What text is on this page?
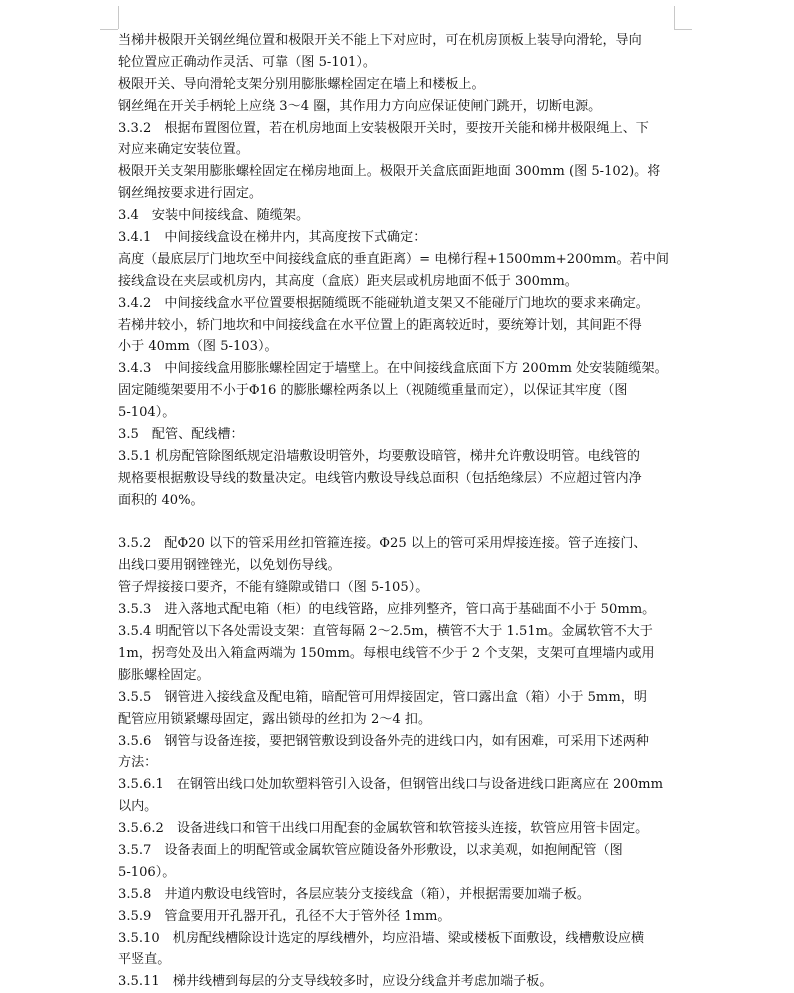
当梯井极限开关钢丝绳位置和极限开关不能上下对应时，可在机房顶板上装导向滑轮，导向
轮位置应正确动作灵活、可靠（图 5-101）。
极限开关、导向滑轮支架分别用膨胀螺栓固定在墙上和楼板上。
钢丝绳在开关手柄轮上应绕 3～4 圈，其作用力方向应保证使闸门跳开，切断电源。
3.3.2　根据布置图位置，若在机房地面上安装极限开关时，要按开关能和梯井极限绳上、下
对应来确定安装位置。
极限开关支架用膨胀螺栓固定在梯房地面上。极限开关盒底面距地面 300mm (图 5-102)。将
钢丝绳按要求进行固定。
3.4　安装中间接线盒、随缆架。
3.4.1　中间接线盒设在梯井内，其高度按下式确定：
高度（最底层厅门地坎至中间接线盒底的垂直距离）= 电梯行程+1500mm+200mm。若中间
接线盒设在夹层或机房内，其高度（盒底）距夹层或机房地面不低于 300mm。
3.4.2　中间接线盒水平位置要根据随缆既不能碰轨道支架又不能碰厅门地坎的要求来确定。
若梯井较小，轿门地坎和中间接线盒在水平位置上的距离较近时，要统筹计划，其间距不得
小于 40mm（图 5-103）。
3.4.3　中间接线盒用膨胀螺栓固定于墙壁上。在中间接线盒底面下方 200mm 处安装随缆架。
固定随缆架要用不小于Φ16 的膨胀螺栓两条以上（视随缆重量而定），以保证其牢度（图
5-104）。
3.5　配管、配线槽：
3.5.1 机房配管除图纸规定沿墙敷设明管外，均要敷设暗管，梯井允许敷设明管。电线管的
规格要根据敷设导线的数量决定。电线管内敷设导线总面积（包括绝缘层）不应超过管内净
面积的 40%。
3.5.2　配Φ20 以下的管采用丝扣管箍连接。Φ25 以上的管可采用焊接连接。管子连接门、
出线口要用钢锉锉光，以免划伤导线。
管子焊接接口要齐，不能有缝隙或错口（图 5-105）。
3.5.3　进入落地式配电箱（柜）的电线管路，应排列整齐，管口高于基础面不小于 50mm。
3.5.4 明配管以下各处需设支架：直管每隔 2～2.5m，横管不大于 1.51m。金属软管不大于
1m，拐弯处及出入箱盒两端为 150mm。每根电线管不少于 2 个支架，支架可直埋墙内或用
膨胀螺栓固定。
3.5.5　钢管进入接线盒及配电箱，暗配管可用焊接固定，管口露出盒（箱）小于 5mm，明
配管应用锁紧螺母固定，露出锁母的丝扣为 2～4 扣。
3.5.6　钢管与设备连接，要把钢管敷设到设备外壳的进线口内，如有困难，可采用下述两种
方法：
3.5.6.1　在钢管出线口处加软塑料管引入设备，但钢管出线口与设备进线口距离应在 200mm
以内。
3.5.6.2　设备进线口和管干出线口用配套的金属软管和软管接头连接，软管应用管卡固定。
3.5.7　设备表面上的明配管或金属软管应随设备外形敷设，以求美观，如抱闸配管（图
5-106）。
3.5.8　井道内敷设电线管时，各层应装分支接线盒（箱），并根据需要加端子板。
3.5.9　管盒要用开孔器开孔，孔径不大于管外径 1mm。
3.5.10　机房配线槽除设计选定的厚线槽外，均应沿墙、梁或楼板下面敷设，线槽敷设应横
平竖直。
3.5.11　梯井线槽到每层的分支导线较多时，应设分线盒并考虑加端子板。
